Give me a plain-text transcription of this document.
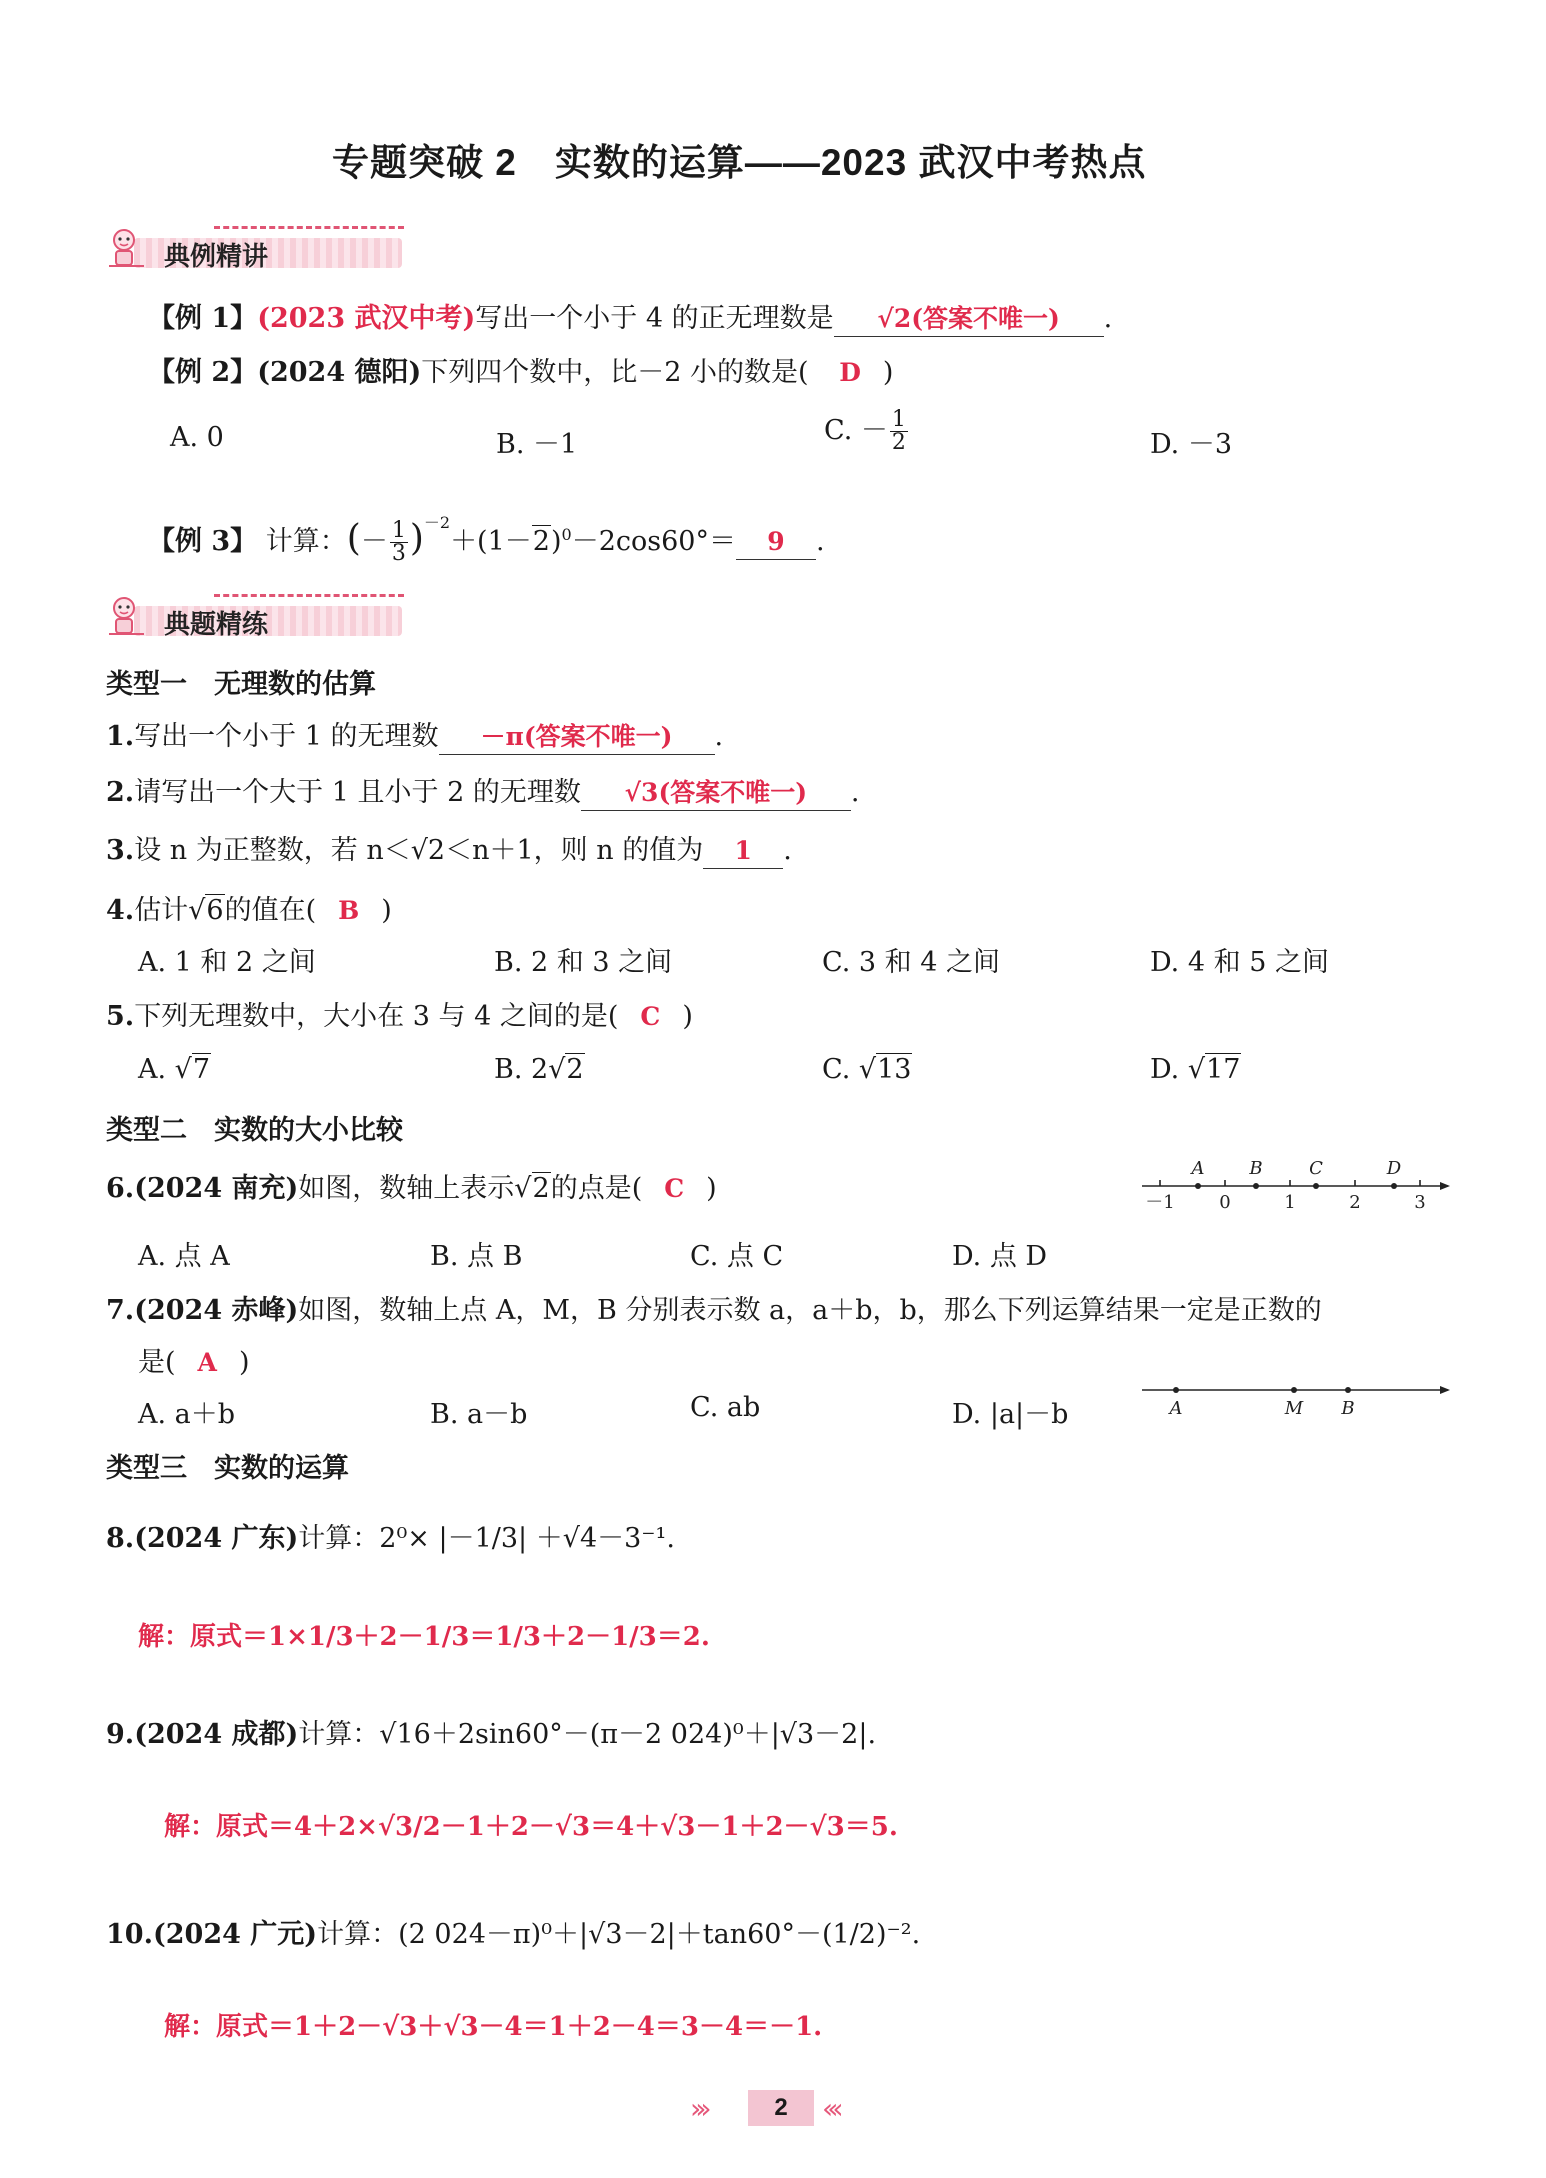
专题突破 2　实数的运算——2023 武汉中考热点
典例精讲
【例 1】(2023 武汉中考)写出一个小于 4 的正无理数是 √2(答案不唯一) .
【例 2】(2024 德阳)下列四个数中，比－2 小的数是( D )
A. 0	B. －1	C. － $\frac{1}{2}$	D. －3
【例 3】 计算：(－ $\frac{1}{3} )^{-2}+(1-2)^0-2\cos 60^\circ= 9$ .
典题精练
类型一　无理数的估算
1.写出一个小于 1 的无理数 －π(答案不唯一) .
2.请写出一个大于 1 且小于 2 的无理数 √3(答案不唯一) .
3.设 n 为正整数，若 n＜√2＜n＋1，则 n 的值为 1 .
4.估计√6的值在( B )
A. 1 和 2 之间	B. 2 和 3 之间	C. 3 和 4 之间	D. 4 和 5 之间
5.下列无理数中，大小在 3 与 4 之间的是( C )
A. √7	B. 2√2	C. √13	D. √17
类型二　实数的大小比较
6.(2024 南充)如图，数轴上表示√2的点是( C )	－1 0	1	2	3
A B	C	D
A. 点 A	B. 点 B	C. 点 C	D. 点 D
7.(2024 赤峰)如图，数轴上点 A，M，B 分别表示数 a，a＋b，b，那么下列运算结果一定是正数的
是( A )
A. a＋b	B. a－b	C. ab	D. |a|－b	A	M B
类型三　实数的运算
8.(2024 广东)计算：2⁰× |－1/3| ＋√4－3⁻¹.
解：原式＝1×1/3＋2－1/3＝1/3＋2－1/3＝2.
9.(2024 成都)计算：√16＋2sin60°－(π－2 024)⁰＋|√3－2|.
解：原式＝4＋2×√3/2－1＋2－√3＝4＋√3－1＋2－√3＝5.
10.(2024 广元)计算：(2 024－π)⁰＋|√3－2|＋tan60°－(1/2)⁻².
解：原式＝1＋2－√3＋√3－4＝1＋2－4＝3－4＝－1.
›››	2	‹‹‹
